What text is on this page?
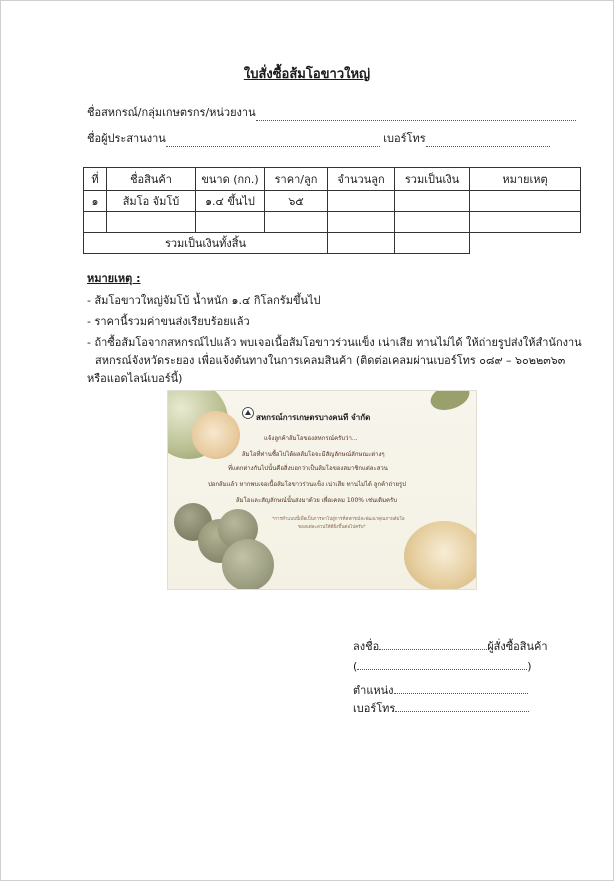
ใบสั่งซื้อส้มโอขาวใหญ่
ชื่อสหกรณ์/กลุ่มเกษตรกร/หน่วยงาน
ชื่อผู้ประสานงาน	เบอร์โทร
ที่	ชื่อสินค้า	ขนาด (กก.)	ราคา/ลูก	จำนวนลูก	รวมเป็นเงิน	หมายเหตุ
๑	ส้มโอ จัมโบ้	๑.๔ ขึ้นไป	๖๕			

รวมเป็นเงินทั้งสิ้น						
หมายเหตุ :
- ส้มโอขาวใหญ่จัมโบ้ น้ำหนัก ๑.๔ กิโลกรัมขึ้นไป
- ราคานี้รวมค่าขนส่งเรียบร้อยแล้ว
- ถ้าซื้อส้มโอจากสหกรณ์ไปแล้ว พบเจอเนื้อส้มโอขาวร่วนแข็ง เน่าเสีย ทานไม่ได้ ให้ถ่ายรูปส่งให้สำนักงาน
สหกรณ์จังหวัดระยอง เพื่อแจ้งต้นทางในการเคลมสินค้า (ติดต่อเคลมผ่านเบอร์โทร ๐๘๙ – ๖๐๒๒๓๖๓
หรือแอดไลน์เบอร์นี้)
สหกรณ์การเกษตรบางคนที จำกัด
แจ้งลูกค้าส้มโอของสหกรณ์ครับว่า...
ส้มโอที่ท่านซื้อไปได้ผลส้มโอจะมีสัญลักษณ์ลักษณะต่างๆ
ที่แตกต่างกันไปนั้นคือสิ่งบอกว่าเป็นส้มโอของสมาชิกแต่ละสวน
ปอกส้มแล้ว หากพบเจอเนื้อส้มโอขาวร่วนแข็ง เน่าเสีย ทานไม่ได้ ลูกค้าถ่ายรูป
ส้มโอและสัญลักษณ์นั้นส่งมาด้วย เพื่อเคลม 100% เช่นเดิมครับ
*การทำแบบนี้เพื่อเป็นการพาไปสู่การที่สหกรณ์จะพัฒนาคุณภาพส้มโอ
ของแต่ละสวนให้ดียิ่งขึ้นต่อไปครับ*
ลงชื่อ	ผู้สั่งซื้อสินค้า
(	)
ตำแหน่ง
เบอร์โทร
